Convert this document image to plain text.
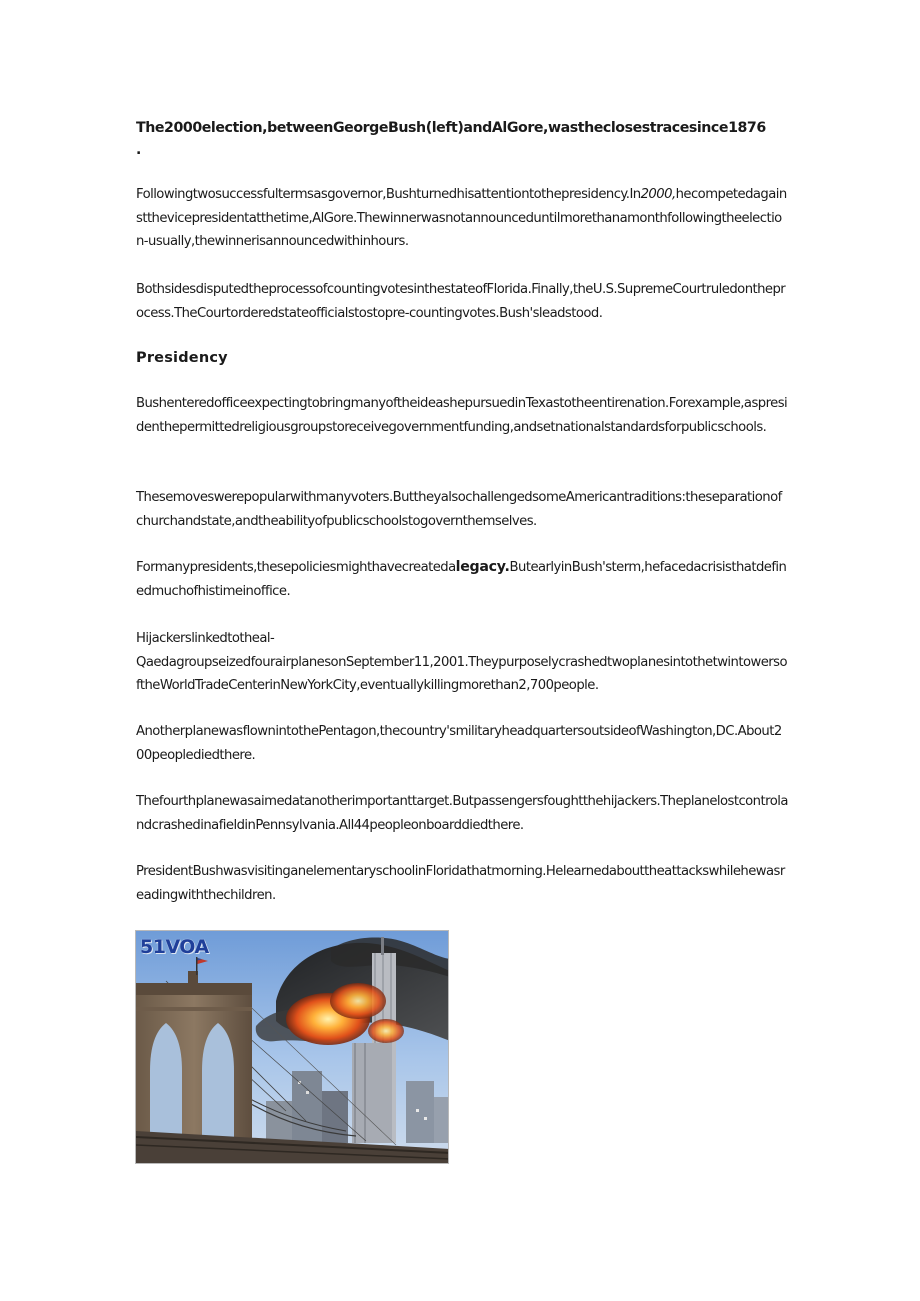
The2000election,betweenGeorgeBush(left)andAlGore,wastheclosestracesince1876
.

Followingtwosuccessfultermsasgovernor,Bushturnedhisattentiontothepresidency.In2000,hecompetedagainstthevicepresidentatthetime,AlGore.Thewinnerwasnotannounceduntilmorethanamonthfollowingtheelection-usually,thewinnerisannouncedwithinhours.

BothsidesdisputedtheprocessofcountingvotesinthestateofFlorida.Finally,theU.S.SupremeCourtruledontheprocess.TheCourtorderedstateofficialstostopre-countingvotes.Bush'sleadstood.

Presidency

BushenteredofficeexpectingtobringmanyoftheideashepursuedinTexastotheentirenation.Forexample,aspresidenthepermittedreligiousgroupstoreceivegovernmentfunding,andsetnationalstandardsforpublicschools.

Thesemoveswerepopularwithmanyvoters.ButtheyalsochallengedsomeAmericantraditions:theseparationofchurchandstate,andtheabilityofpublicschoolstogovernthemselves.

Formanypresidents,thesepoliciesmighthavecreatedalegacy.ButearlyinBush'sterm,hefacedacrisisthatdefinedmuchofhistimeinoffice.

Hijackerslinkedtotheal-

QaedagroupseizedfourairplanesonSeptember11,2001.TheypurposelycrashedtwoplanesintothetwintowersoftheWorldTradeCenterinNewYorkCity,eventuallykillingmorethan2,700people.

AnotherplanewasflownintothePentagon,thecountry'smilitaryheadquartersoutsideofWashington,DC.About200peoplediedthere.

Thefourthplanewasaimedatanotherimportanttarget.Butpassengersfoughtthehijackers.TheplanelostcontrolandcrashedinafieldinPennsylvania.All44peopleonboarddiedthere.

PresidentBushwasvisitinganelementaryschoolinFloridathatmorning.Helearnedabouttheattackswhilehewasreadingwiththechildren.

51VOA
